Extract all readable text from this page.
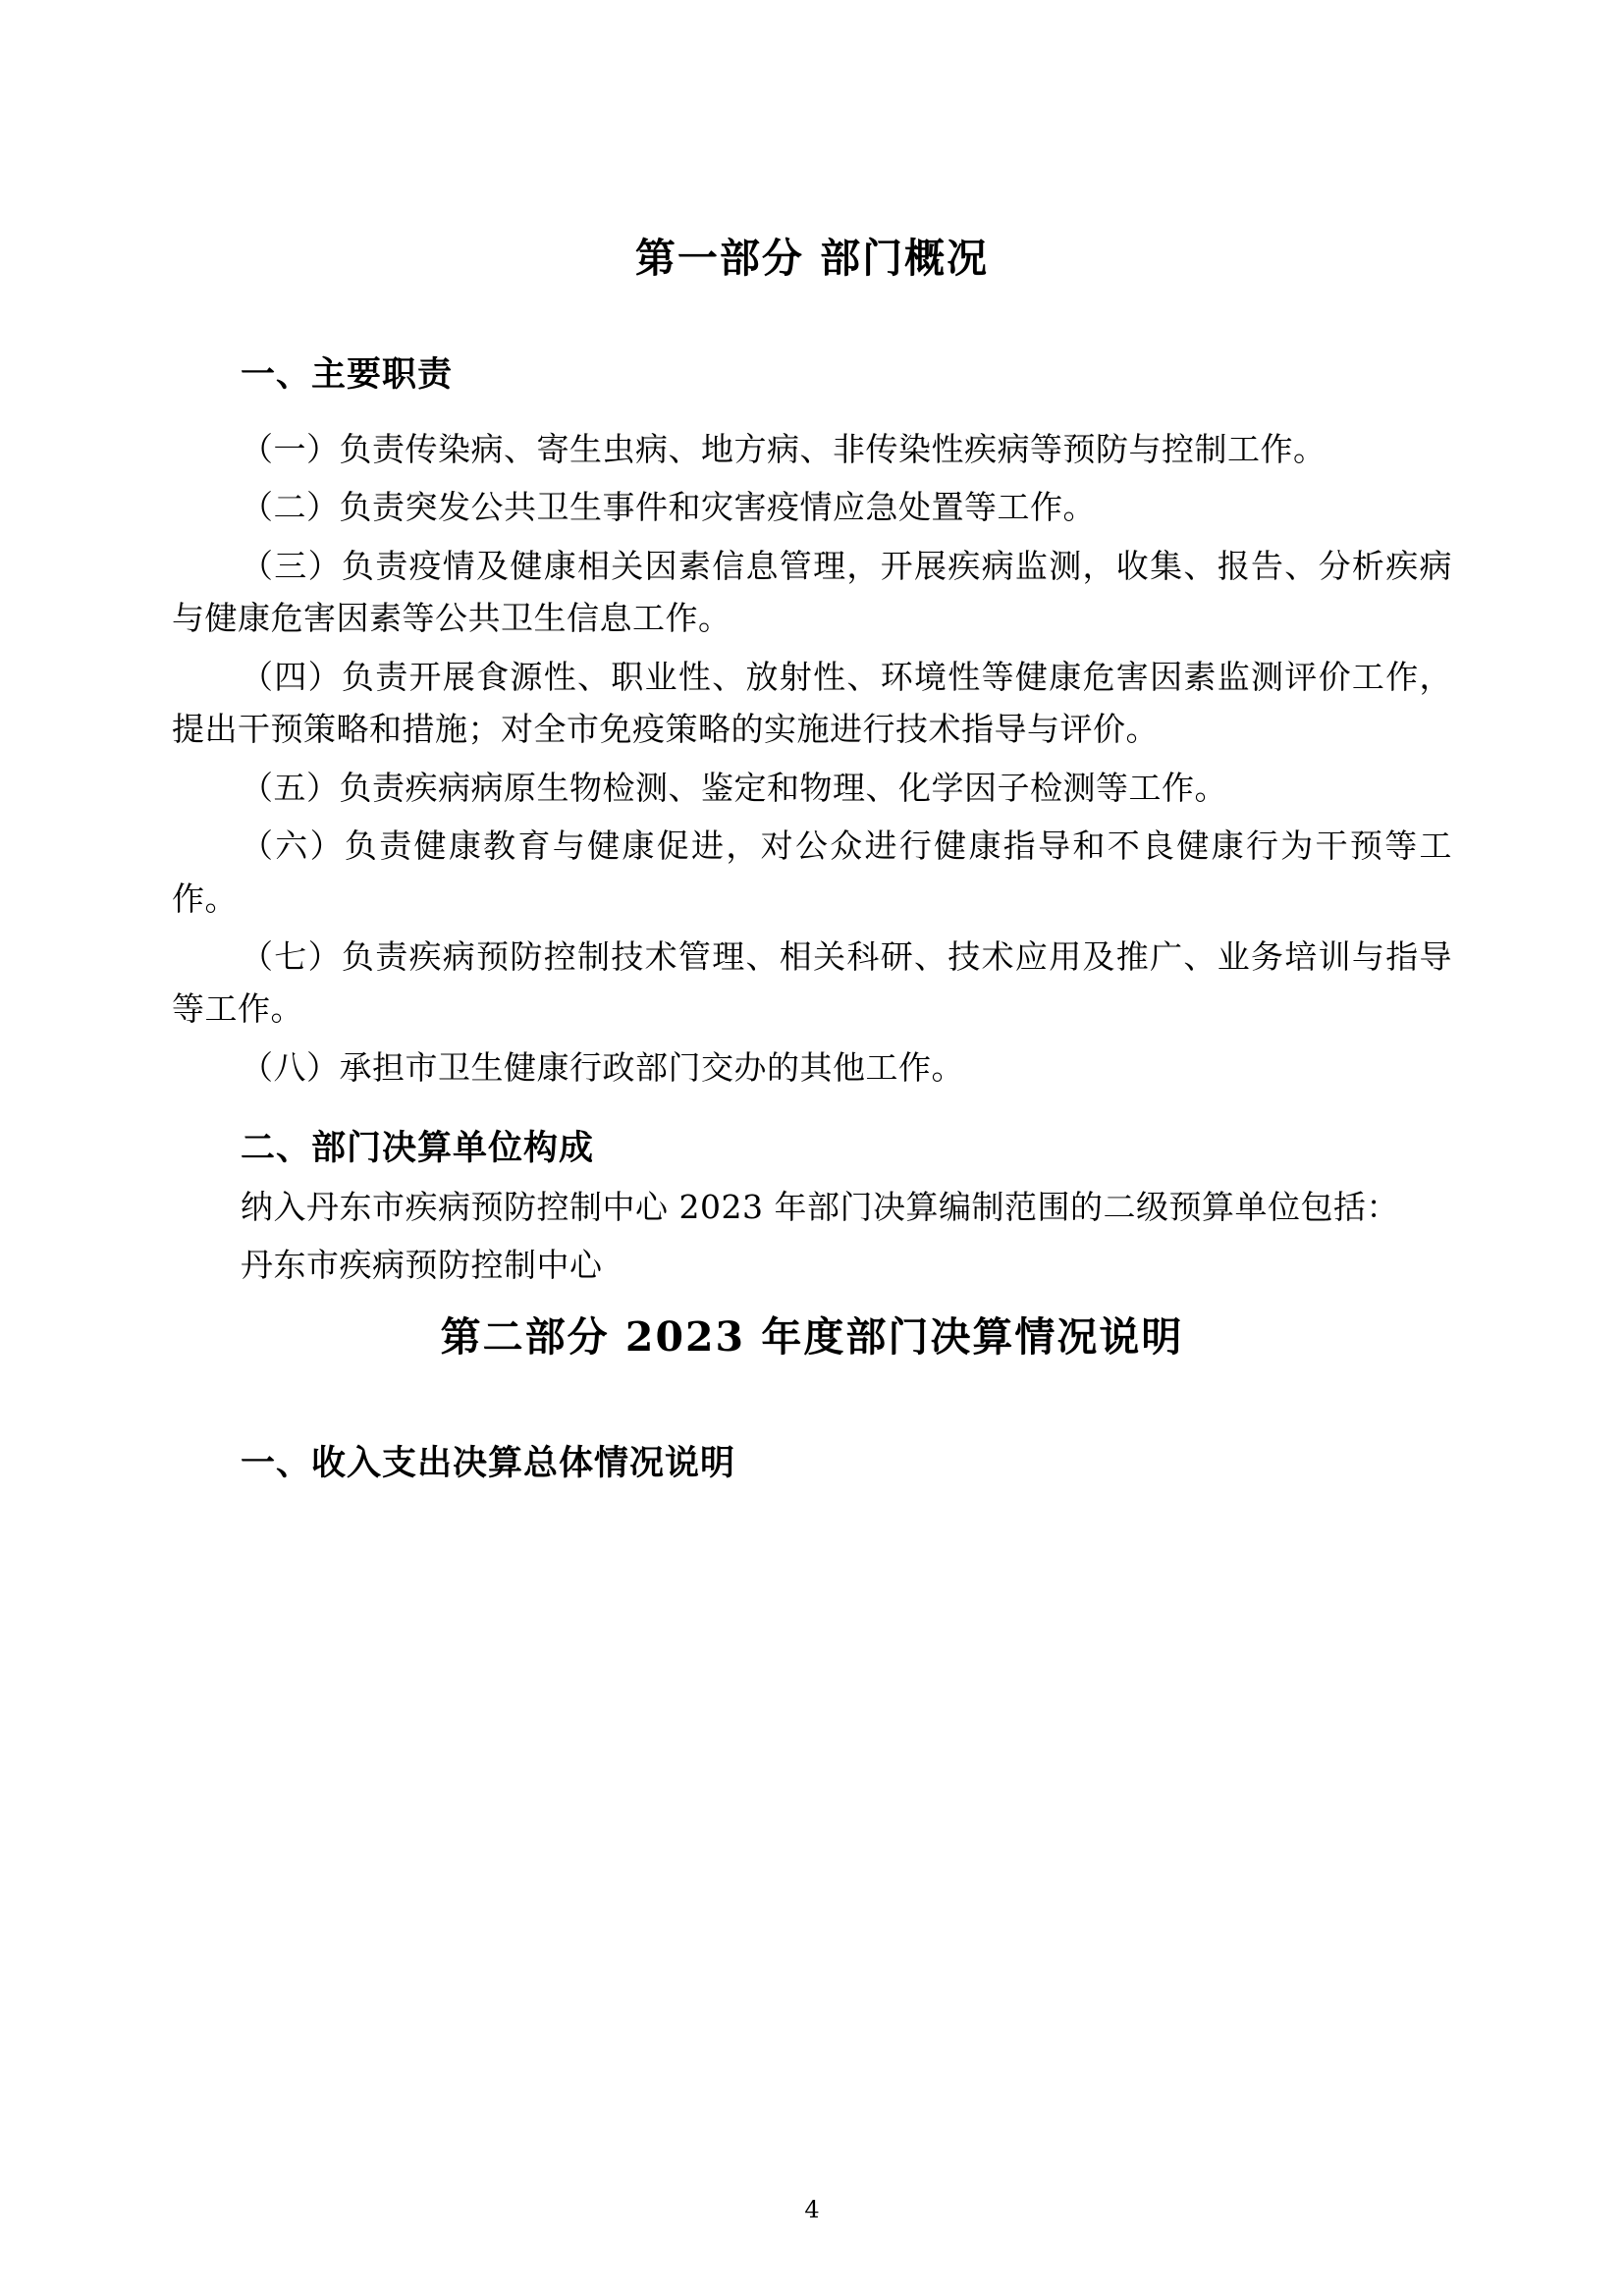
第一部分 部门概况
一、主要职责

（一）负责传染病、寄生虫病、地方病、非传染性疾病等预防与控制工作。

（二）负责突发公共卫生事件和灾害疫情应急处置等工作。

（三）负责疫情及健康相关因素信息管理，开展疾病监测，收集、报告、分析疾病与健康危害因素等公共卫生信息工作。

（四）负责开展食源性、职业性、放射性、环境性等健康危害因素监测评价工作，提出干预策略和措施；对全市免疫策略的实施进行技术指导与评价。

（五）负责疾病病原生物检测、鉴定和物理、化学因子检测等工作。

（六）负责健康教育与健康促进，对公众进行健康指导和不良健康行为干预等工作。

（七）负责疾病预防控制技术管理、相关科研、技术应用及推广、业务培训与指导等工作。

（八）承担市卫生健康行政部门交办的其他工作。

二、部门决算单位构成

纳入丹东市疾病预防控制中心 2023 年部门决算编制范围的二级预算单位包括：

丹东市疾病预防控制中心

第二部分 2023 年度部门决算情况说明
一、收入支出决算总体情况说明
4
